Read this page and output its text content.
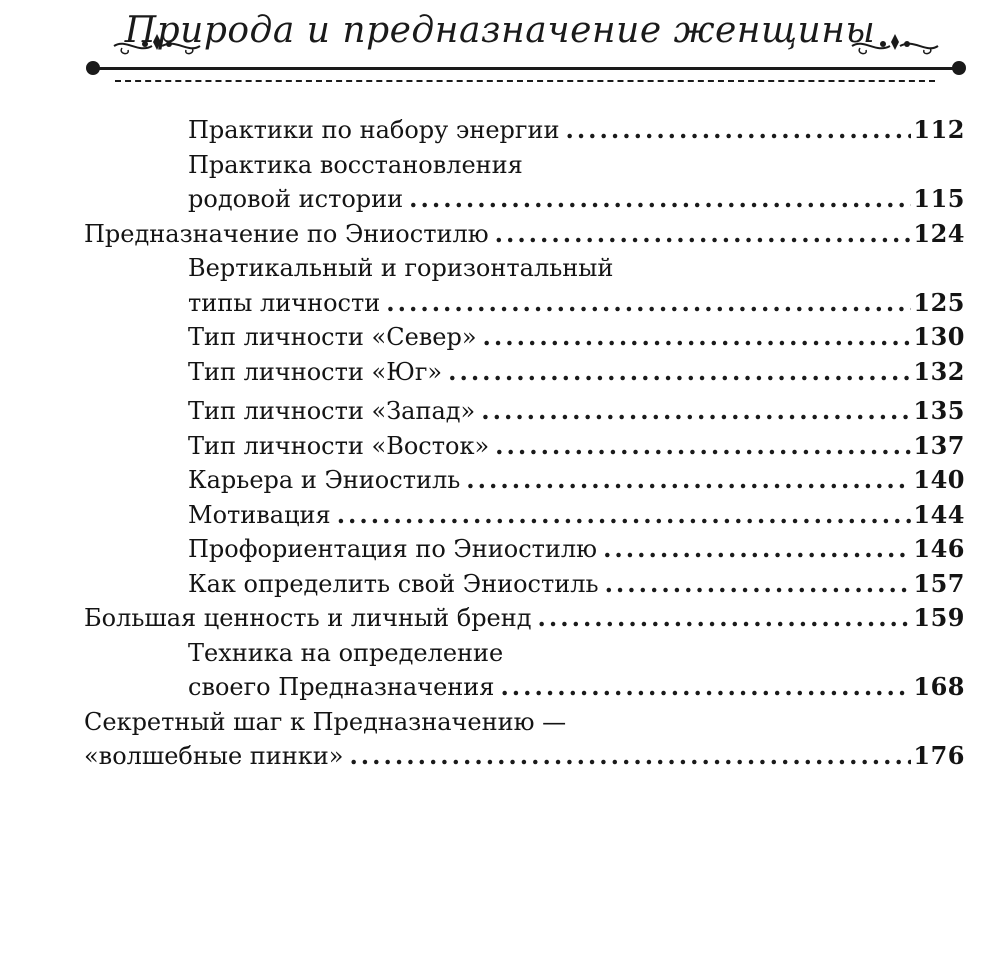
Природа и предназначение женщины
Практики по набору энергии .....	112
Практика восстановления
родовой истории .....	115
Предназначение по Эниостилю .....	124
Вертикальный и горизонтальный
типы личности .....	125
Тип личности «Север» .....	130
Тип личности «Юг» .....	132
Тип личности «Запад» .....	135
Тип личности «Восток» .....	137
Карьера и Эниостиль .....	140
Мотивация .....	144
Профориентация по Эниостилю .....	146
Как определить свой Эниостиль .....	157
Большая ценность и личный бренд .....	159
Техника на определение
своего Предназначения .....	168
Секретный шаг к Предназначению —
«волшебные пинки» .....	176
